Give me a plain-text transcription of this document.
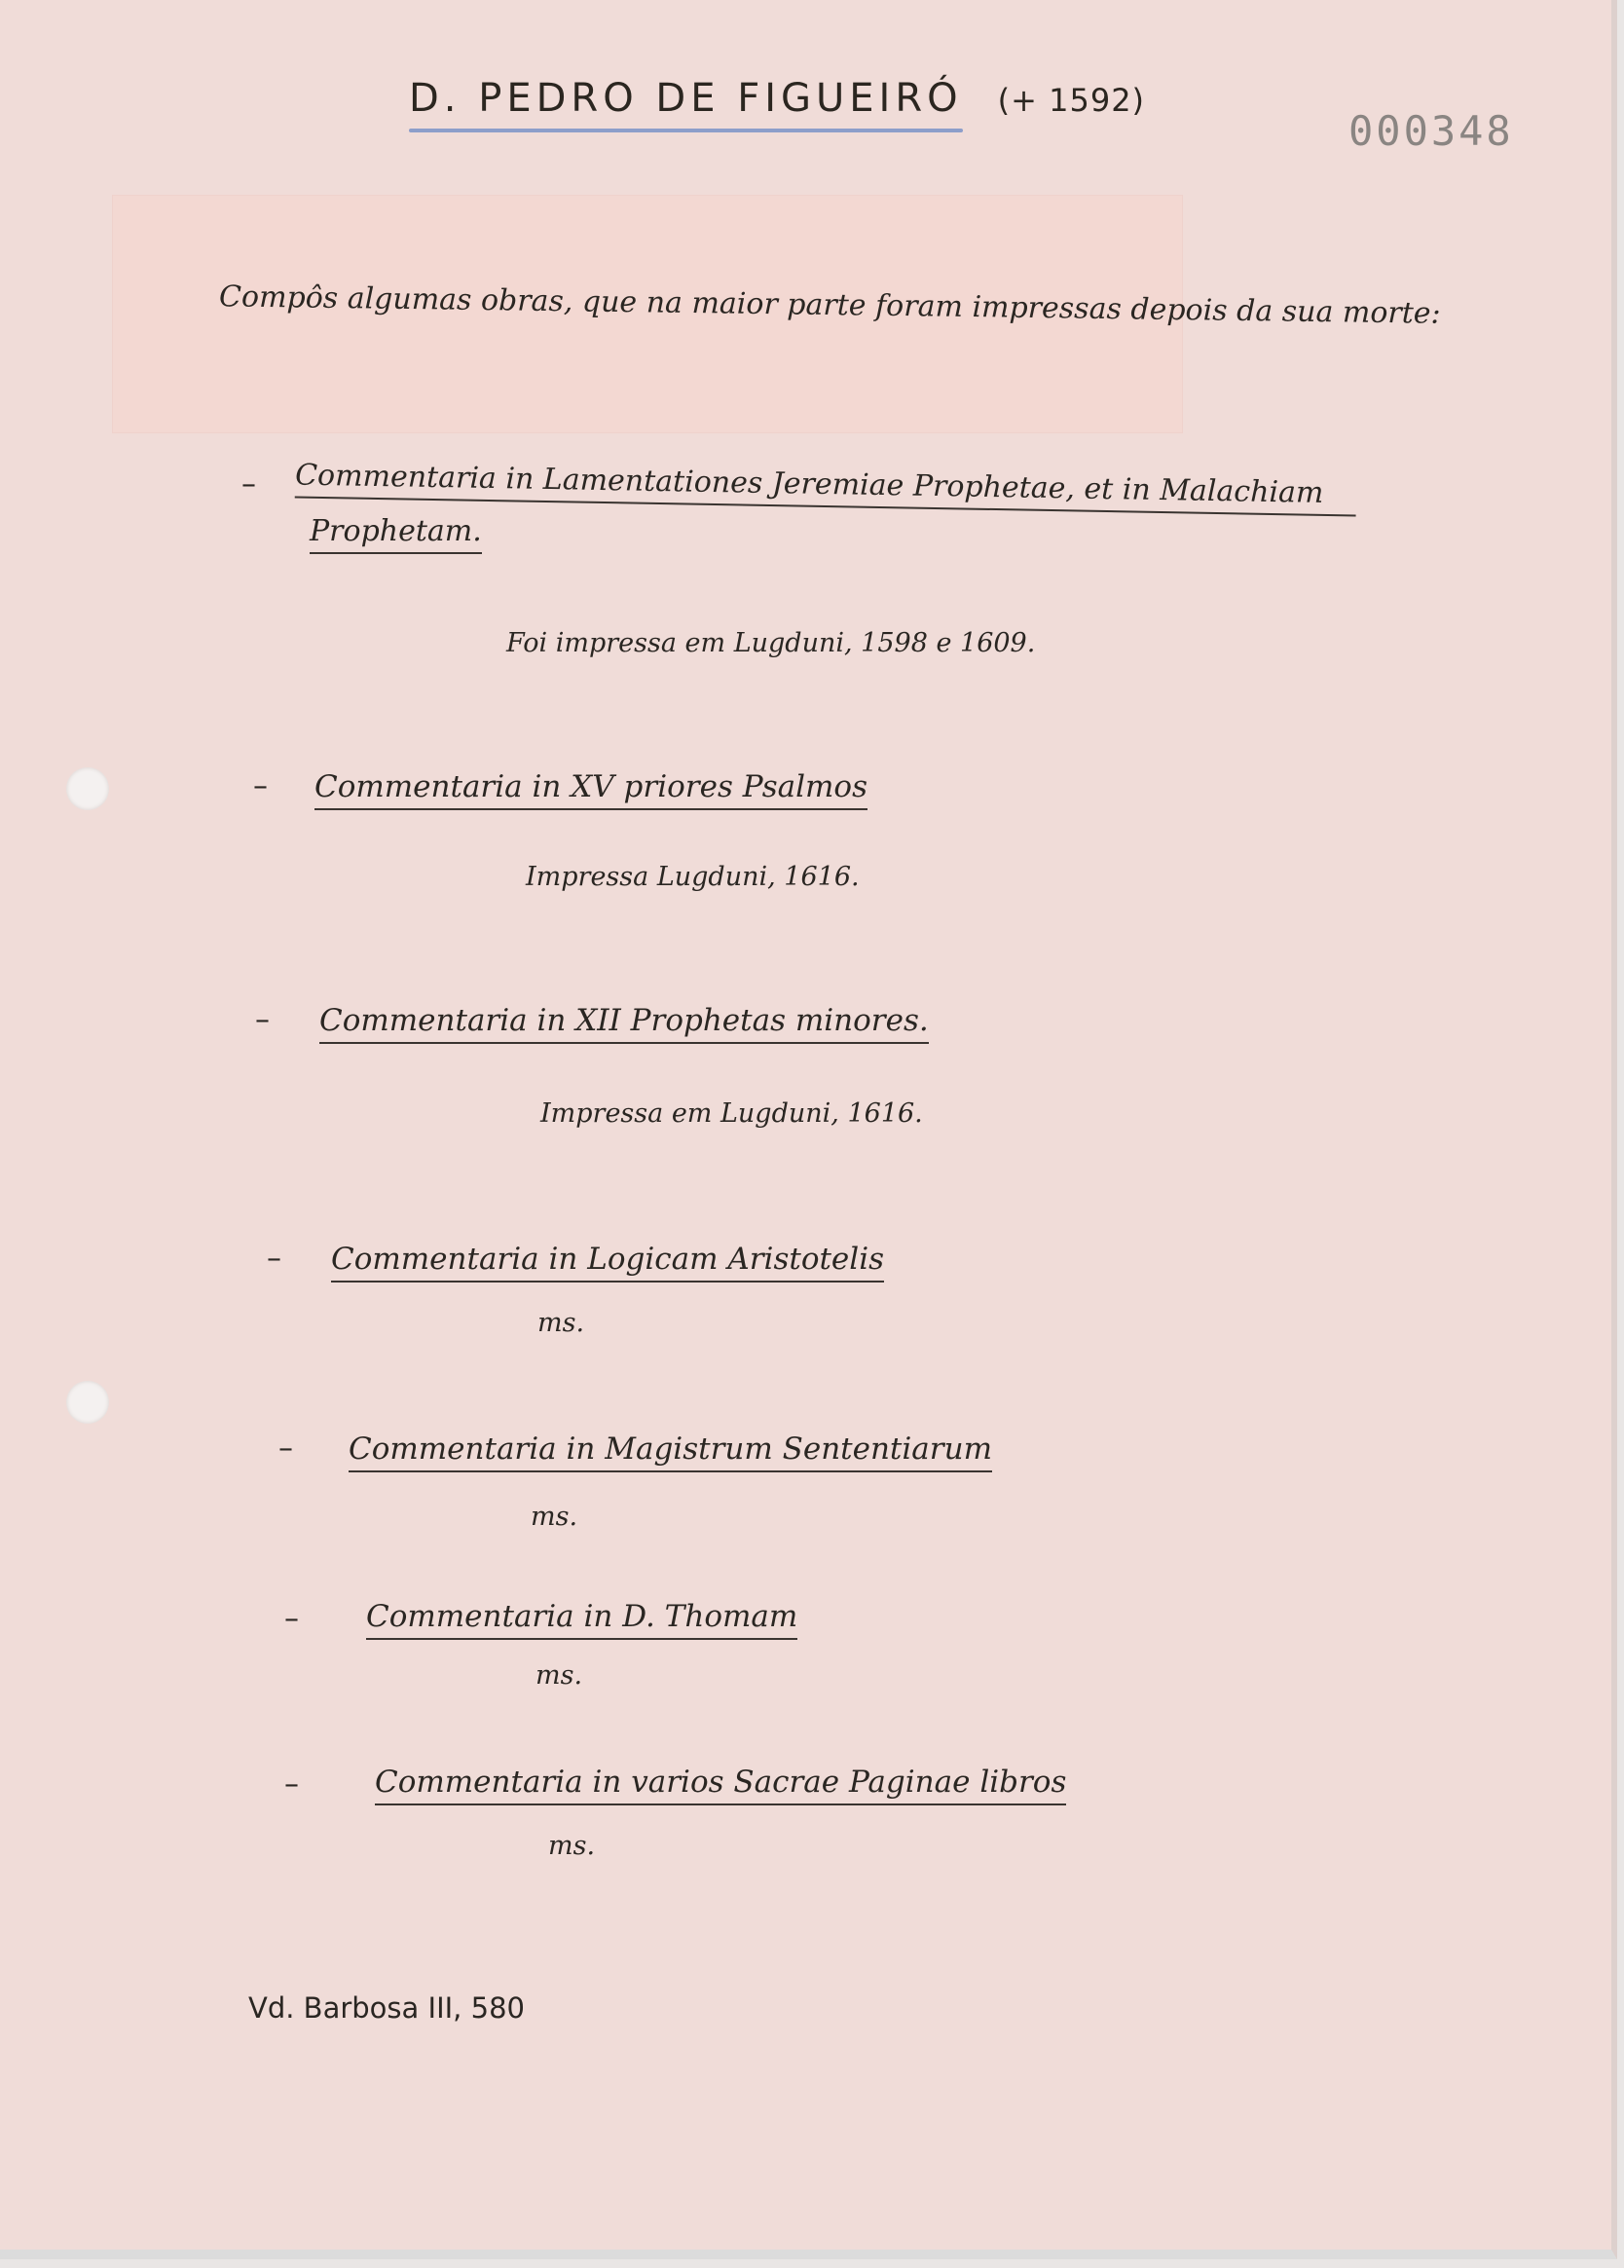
D. PEDRO DE FIGUEIRÓ (+ 1592)
000348
Compôs algumas obras, que na maior parte foram impressas depois da sua morte:
– Commentaria in Lamentationes Jeremiae Prophetae, et in Malachiam
Prophetam.
Foi impressa em Lugduni, 1598 e 1609.
– Commentaria in XV priores Psalmos
Impressa Lugduni, 1616.
– Commentaria in XII Prophetas minores.
Impressa em Lugduni, 1616.
– Commentaria in Logicam Aristotelis
ms.
– Commentaria in Magistrum Sententiarum
ms.
– Commentaria in D. Thomam
ms.
–	Commentaria in varios Sacrae Paginae libros
ms.
Vd. Barbosa III, 580
